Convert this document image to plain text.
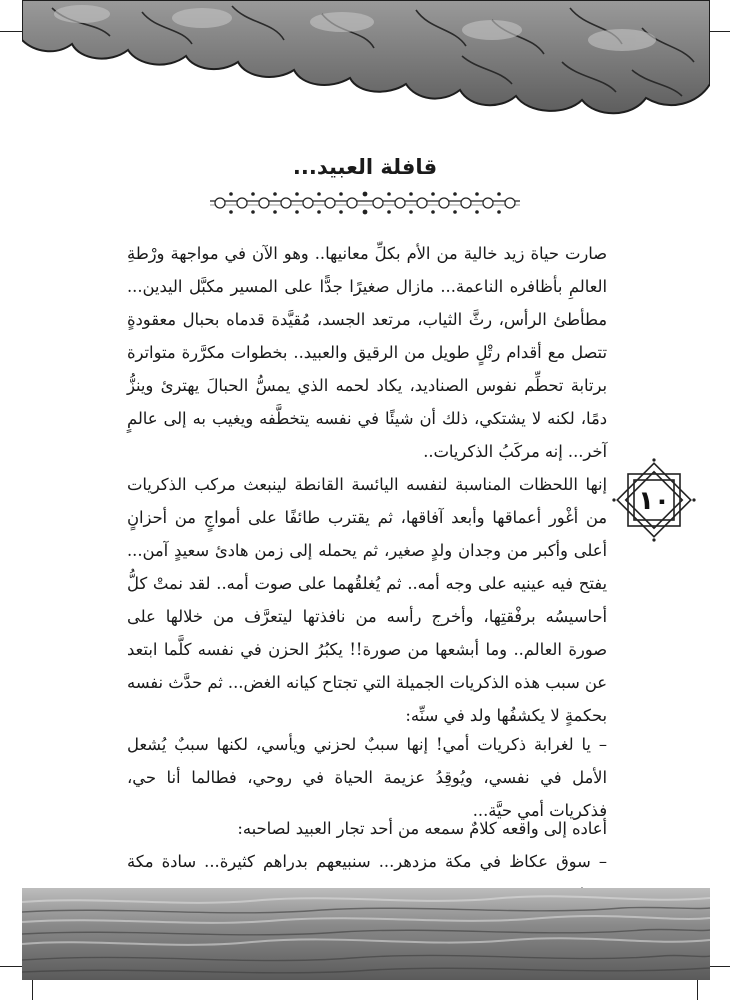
قافلة العبيد...

صارت حياة زيد خالية من الأم بكلِّ معانيها.. وهو الآن في مواجهة ورْطةِ العالمِ بأظافره الناعمة... مازال صغيرًا جدًّا على المسير مكبَّل اليدين... مطأطئ الرأس، رثَّ الثياب، مرتعد الجسد، مُقيَّدة قدماه بحبال معقودةٍ تتصل مع أقدام رتْلٍ طويل من الرقيق والعبيد.. بخطوات مكرَّرة متواترة برتابة تحطِّم نفوس الصناديد، يكاد لحمه الذي يمسُّ الحبالَ يهترئ وينزُّ دمًا، لكنه لا يشتكي، ذلك أن شيئًا في نفسه يتخطَّفه ويغيب به إلى عالمٍ آخر... إنه مركَبُ الذكريات..

إنها اللحظات المناسبة لنفسه اليائسة القانطة لينبعث مركب الذكريات من أغْور أعماقها وأبعد آفاقها، ثم يقترب طائفًا على أمواجٍ من أحزانٍ أعلى وأكبر من وجدان ولدٍ صغير، ثم يحمله إلى زمن هادئ سعيدٍ آمن... يفتح فيه عينيه على وجه أمه.. ثم يُغلقُهما على صوت أمه.. لقد نمتْ كلُّ أحاسيسُه برفْقتِها، وأخرج رأسه من نافذتها ليتعرَّف من خلالها على صورة العالم.. وما أبشعها من صورة!! يكبُرُ الحزن في نفسه كلَّما ابتعد عن سبب هذه الذكريات الجميلة التي تجتاح كيانه الغض... ثم حدَّث نفسه بحكمةٍ لا يكشفُها ولد في سنِّه:

– يا لغرابة ذكريات أمي! إنها سببٌ لحزني ويأسي، لكنها سببٌ يُشعل الأمل في نفسي، ويُوقِدُ عزيمة الحياة في روحي، فطالما أنا حي، فذكريات أمي حيَّة...

أعاده إلى واقعه كلامٌ سمعه من أحد تجار العبيد لصاحبه:

– سوق عكاظ في مكة مزدهر... سنبيعهم بدراهم كثيرة... سادة مكة

١٠
